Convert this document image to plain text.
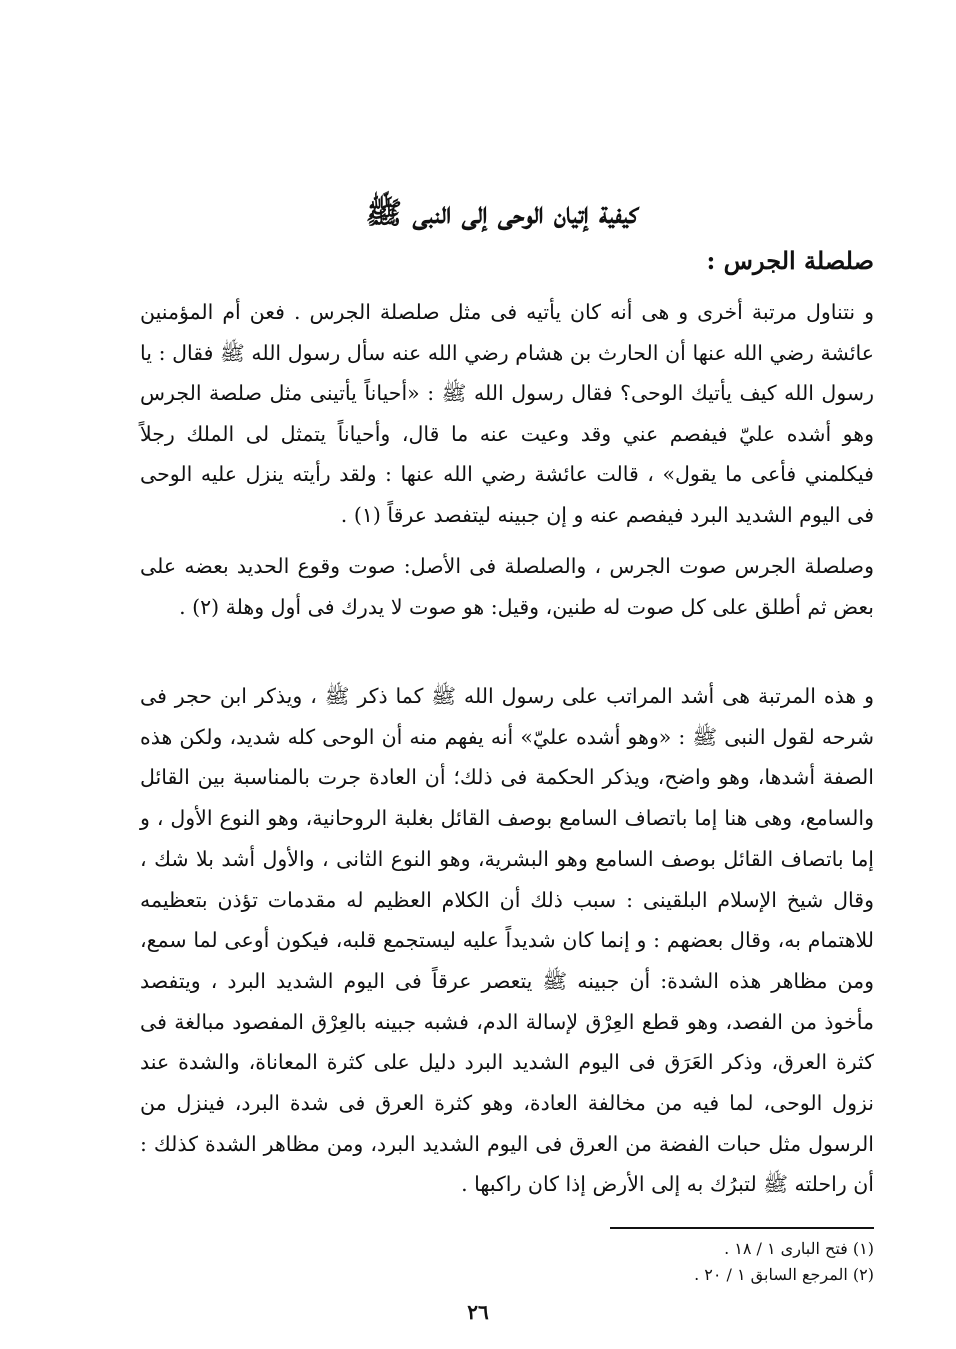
كيفية إتيان الوحى إلى النبى ﷺ
صلصلة الجرس :
و نتناول مرتبة أخرى و هى أنه كان يأتيه فى مثل صلصلة الجرس . فعن أم المؤمنين عائشة رضي الله عنها أن الحارث بن هشام رضي الله عنه سأل رسول الله ﷺ فقال : يا رسول الله كيف يأتيك الوحى؟ فقال رسول الله ﷺ : «أحياناً يأتينى مثل صلصة الجرس وهو أشده عليّ فيفصم عني وقد وعيت عنه ما قال، وأحياناً يتمثل لى الملك رجلاً فيكلمني فأعى ما يقول» ، قالت عائشة رضي الله عنها : ولقد رأيته ينزل عليه الوحى فى اليوم الشديد البرد فيفصم عنه و إن جبينه ليتفصد عرقاً (١) .
وصلصلة الجرس صوت الجرس ، والصلصلة فى الأصل: صوت وقوع الحديد بعضه على بعض ثم أطلق على كل صوت له طنين، وقيل: هو صوت لا يدرك فى أول وهلة (٢) .
و هذه المرتبة هى أشد المراتب على رسول الله ﷺ كما ذكر ﷺ ، ويذكر ابن حجر فى شرحه لقول النبى ﷺ : «وهو أشده عليّ» أنه يفهم منه أن الوحى كله شديد، ولكن هذه الصفة أشدها، وهو واضح، ويذكر الحكمة فى ذلك؛ أن العادة جرت بالمناسبة بين القائل والسامع، وهى هنا إما باتصاف السامع بوصف القائل بغلبة الروحانية، وهو النوع الأول ، و إما باتصاف القائل بوصف السامع وهو البشرية، وهو النوع الثانى ، والأول أشد بلا شك ، وقال شيخ الإسلام البلقينى : سبب ذلك أن الكلام العظيم له مقدمات تؤذن بتعظيمه للاهتمام به، وقال بعضهم : و إنما كان شديداً عليه ليستجمع قلبه، فيكون أوعى لما سمع، ومن مظاهر هذه الشدة: أن جبينه ﷺ يتعصر عرقاً فى اليوم الشديد البرد ، ويتفصد مأخوذ من الفصد، وهو قطع العِرْق لإسالة الدم، فشبه جبينه بالعِرْق المفصود مبالغة فى كثرة العرق، وذكر العَرَق فى اليوم الشديد البرد دليل على كثرة المعاناة، والشدة عند نزول الوحى، لما فيه من مخالفة العادة، وهو كثرة العرق فى شدة البرد، فينزل من الرسول مثل حبات الفضة من العرق فى اليوم الشديد البرد، ومن مظاهر الشدة كذلك : أن راحلته ﷺ لتبرُك به إلى الأرض إذا كان راكبها .
(١) فتح البارى ١ / ١٨ .
(٢) المرجع السابق ١ / ٢٠ .
٢٦
